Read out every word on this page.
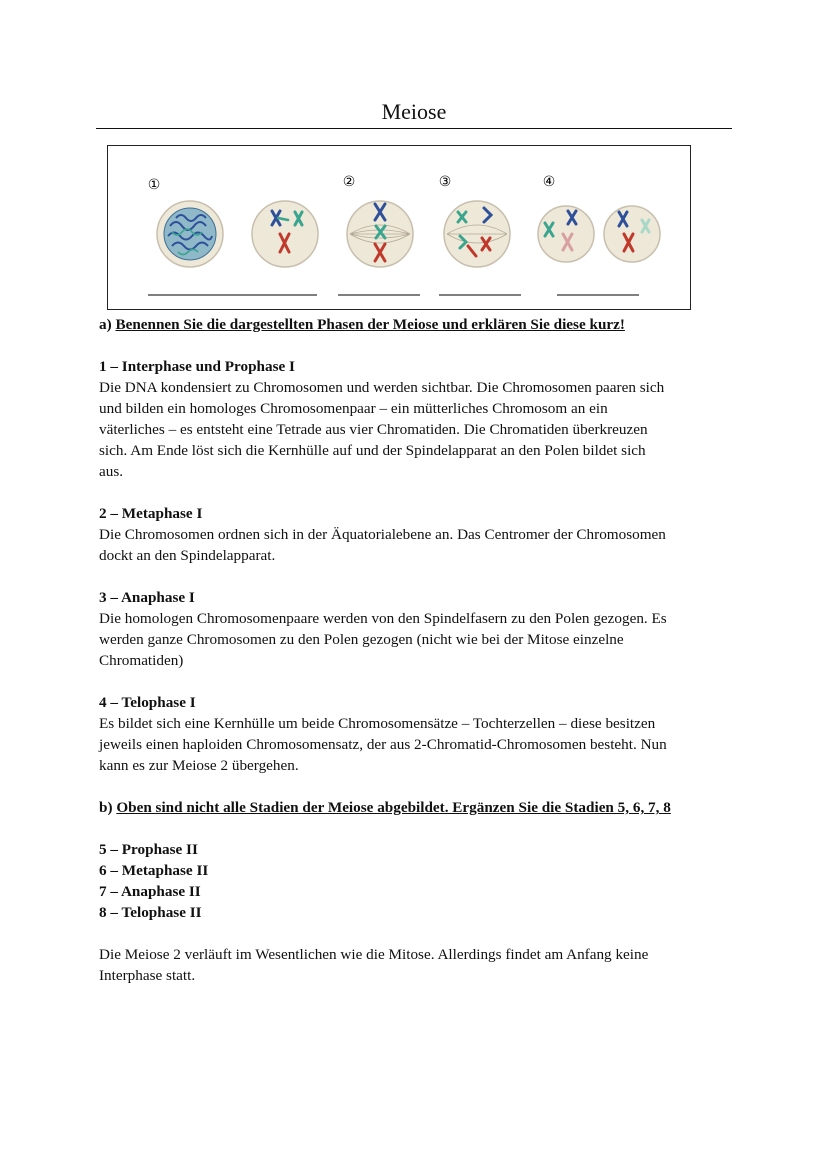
Meiose
①	②	③	④

a) Benennen Sie die dargestellten Phasen der Meiose und erklären Sie diese kurz!

1 – Interphase und Prophase I

Die DNA kondensiert zu Chromosomen und werden sichtbar. Die Chromosomen paaren sich

und bilden ein homologes Chromosomenpaar – ein mütterliches Chromosom an ein

väterliches – es entsteht eine Tetrade aus vier Chromatiden. Die Chromatiden überkreuzen

sich. Am Ende löst sich die Kernhülle auf und der Spindelapparat an den Polen bildet sich

aus.

2 – Metaphase I

Die Chromosomen ordnen sich in der Äquatorialebene an. Das Centromer der Chromosomen

dockt an den Spindelapparat.

3 – Anaphase I

Die homologen Chromosomenpaare werden von den Spindelfasern zu den Polen gezogen. Es

werden ganze Chromosomen zu den Polen gezogen (nicht wie bei der Mitose einzelne

Chromatiden)

4 – Telophase I

Es bildet sich eine Kernhülle um beide Chromosomensätze – Tochterzellen – diese besitzen

jeweils einen haploiden Chromosomensatz, der aus 2-Chromatid-Chromosomen besteht. Nun

kann es zur Meiose 2 übergehen.

b) Oben sind nicht alle Stadien der Meiose abgebildet. Ergänzen Sie die Stadien 5, 6, 7, 8

5 – Prophase II
6 – Metaphase II
7 – Anaphase II
8 – Telophase II

Die Meiose 2 verläuft im Wesentlichen wie die Mitose. Allerdings findet am Anfang keine

Interphase statt.
